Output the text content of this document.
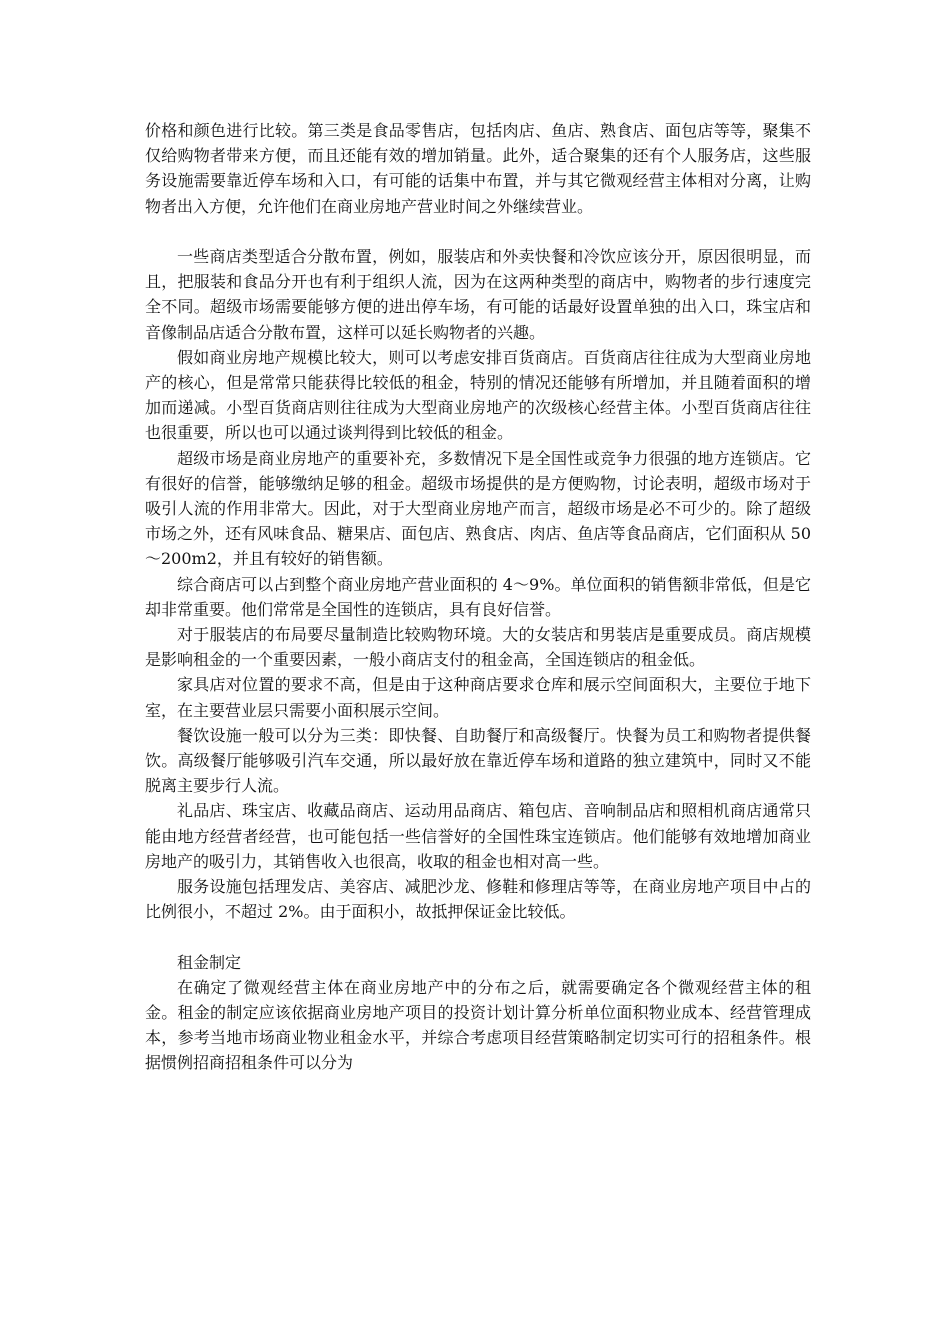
价格和颜色进行比较。第三类是食品零售店，包括肉店、鱼店、熟食店、面包店等等，聚集不仅给购物者带来方便，而且还能有效的增加销量。此外，适合聚集的还有个人服务店，这些服务设施需要靠近停车场和入口，有可能的话集中布置，并与其它微观经营主体相对分离，让购物者出入方便，允许他们在商业房地产营业时间之外继续营业。

一些商店类型适合分散布置，例如，服装店和外卖快餐和冷饮应该分开，原因很明显，而且，把服装和食品分开也有利于组织人流，因为在这两种类型的商店中，购物者的步行速度完全不同。超级市场需要能够方便的进出停车场，有可能的话最好设置单独的出入口，珠宝店和音像制品店适合分散布置，这样可以延长购物者的兴趣。

假如商业房地产规模比较大，则可以考虑安排百货商店。百货商店往往成为大型商业房地产的核心，但是常常只能获得比较低的租金，特别的情况还能够有所增加，并且随着面积的增加而递减。小型百货商店则往往成为大型商业房地产的次级核心经营主体。小型百货商店往往也很重要，所以也可以通过谈判得到比较低的租金。

超级市场是商业房地产的重要补充，多数情况下是全国性或竞争力很强的地方连锁店。它有很好的信誉，能够缴纳足够的租金。超级市场提供的是方便购物，讨论表明，超级市场对于吸引人流的作用非常大。因此，对于大型商业房地产而言，超级市场是必不可少的。除了超级市场之外，还有风味食品、糖果店、面包店、熟食店、肉店、鱼店等食品商店，它们面积从 50～200m2，并且有较好的销售额。

综合商店可以占到整个商业房地产营业面积的 4～9%。单位面积的销售额非常低，但是它却非常重要。他们常常是全国性的连锁店，具有良好信誉。

对于服装店的布局要尽量制造比较购物环境。大的女装店和男装店是重要成员。商店规模是影响租金的一个重要因素，一般小商店支付的租金高，全国连锁店的租金低。

家具店对位置的要求不高，但是由于这种商店要求仓库和展示空间面积大，主要位于地下室，在主要营业层只需要小面积展示空间。

餐饮设施一般可以分为三类：即快餐、自助餐厅和高级餐厅。快餐为员工和购物者提供餐饮。高级餐厅能够吸引汽车交通，所以最好放在靠近停车场和道路的独立建筑中，同时又不能脱离主要步行人流。

礼品店、珠宝店、收藏品商店、运动用品商店、箱包店、音响制品店和照相机商店通常只能由地方经营者经营，也可能包括一些信誉好的全国性珠宝连锁店。他们能够有效地增加商业房地产的吸引力，其销售收入也很高，收取的租金也相对高一些。

服务设施包括理发店、美容店、减肥沙龙、修鞋和修理店等等，在商业房地产项目中占的比例很小，不超过 2%。由于面积小，故抵押保证金比较低。

租金制定

在确定了微观经营主体在商业房地产中的分布之后，就需要确定各个微观经营主体的租金。租金的制定应该依据商业房地产项目的投资计划计算分析单位面积物业成本、经营管理成本，参考当地市场商业物业租金水平，并综合考虑项目经营策略制定切实可行的招租条件。根据惯例招商招租条件可以分为
